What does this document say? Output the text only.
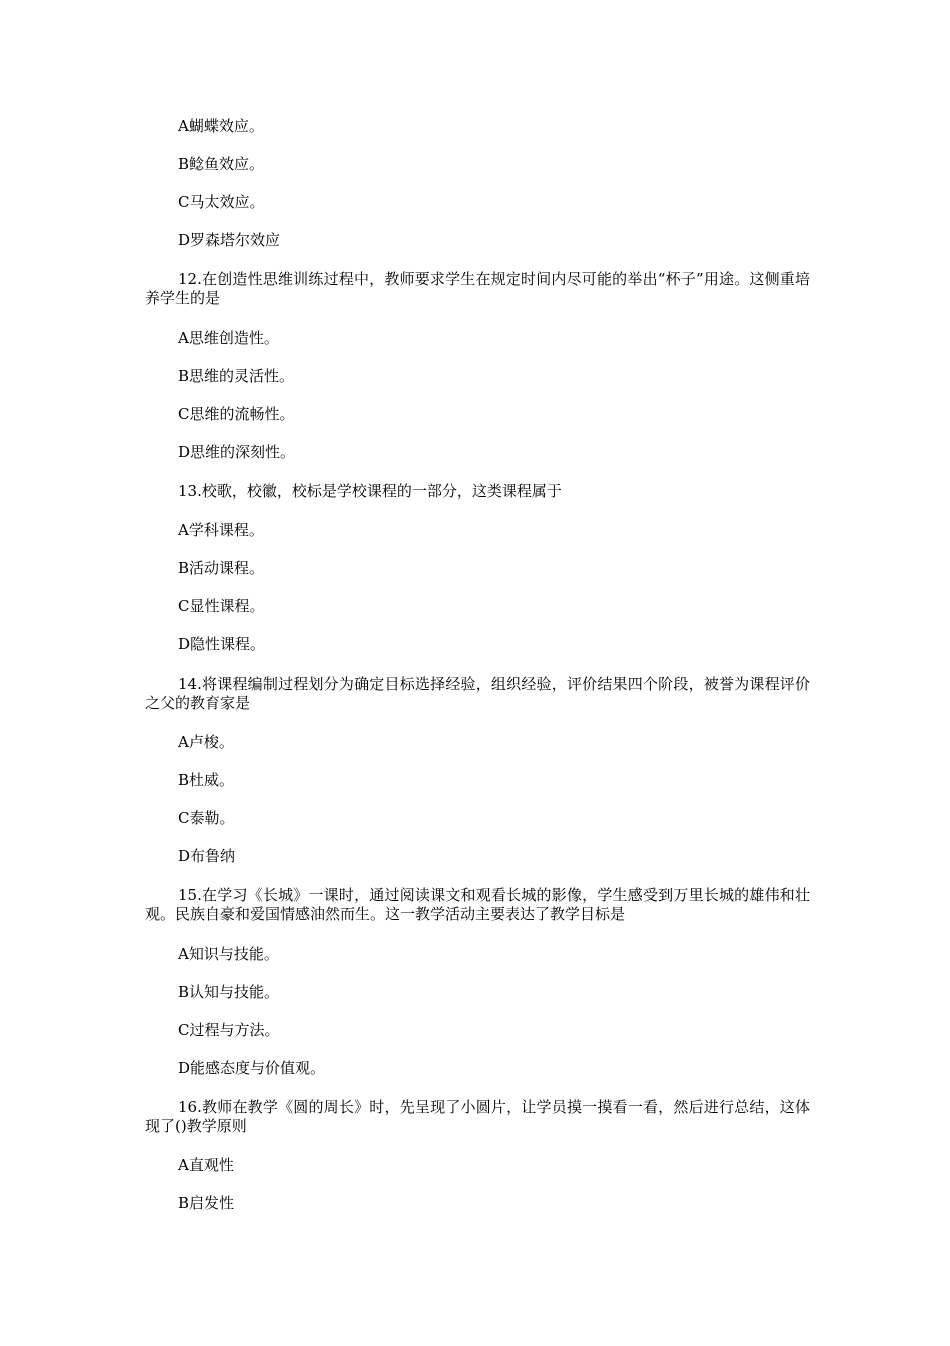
A蝴蝶效应。
B鲶鱼效应。
C马太效应。
D罗森塔尔效应
12.在创造性思维训练过程中，教师要求学生在规定时间内尽可能的举出“杯子”用途。这侧重培养学生的是
A思维创造性。
B思维的灵活性。
C思维的流畅性。
D思维的深刻性。
13.校歌，校徽，校标是学校课程的一部分，这类课程属于
A学科课程。
B活动课程。
C显性课程。
D隐性课程。
14.将课程编制过程划分为确定目标选择经验，组织经验，评价结果四个阶段，被誉为课程评价之父的教育家是
A卢梭。
B杜威。
C泰勒。
D布鲁纳
15.在学习《长城》一课时，通过阅读课文和观看长城的影像，学生感受到万里长城的雄伟和壮观。民族自豪和爱国情感油然而生。这一教学活动主要表达了教学目标是
A知识与技能。
B认知与技能。
C过程与方法。
D能感态度与价值观。
16.教师在教学《圆的周长》时，先呈现了小圆片，让学员摸一摸看一看，然后进行总结，这体现了()教学原则
A直观性
B启发性
